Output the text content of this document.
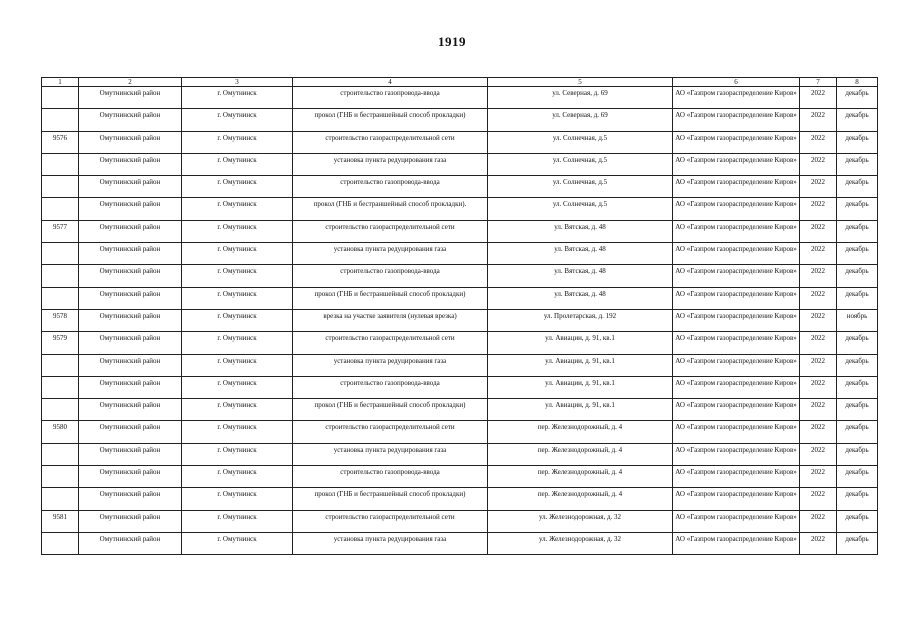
1919
1	2	3	4	5	6	7	8
	Омутнинский район	г. Омутнинск	строительство газопровода-ввода	ул. Северная, д. 69	АО «Газпром газораспределение Киров»	2022	декабрь
	Омутнинский район	г. Омутнинск	прокол (ГНБ и бестраншейный способ прокладки)	ул. Северная, д. 69	АО «Газпром газораспределение Киров»	2022	декабрь
9576	Омутнинский район	г. Омутнинск	строительство газораспределительной сети	ул. Солнечная, д.5	АО «Газпром газораспределение Киров»	2022	декабрь
	Омутнинский район	г. Омутнинск	установка пункта редуцирования газа	ул. Солнечная, д.5	АО «Газпром газораспределение Киров»	2022	декабрь
	Омутнинский район	г. Омутнинск	строительство газопровода-ввода	ул. Солнечная, д.5	АО «Газпром газораспределение Киров»	2022	декабрь
	Омутнинский район	г. Омутнинск	прокол (ГНБ и бестраншейный способ прокладки).	ул. Солнечная, д.5	АО «Газпром газораспределение Киров»	2022	декабрь
9577	Омутнинский район	г. Омутнинск	строительство газораспределительной сети	ул. Вятская, д. 48	АО «Газпром газораспределение Киров»	2022	декабрь
	Омутнинский район	г. Омутнинск	установка пункта редуцирования газа	ул. Вятская, д. 48	АО «Газпром газораспределение Киров»	2022	декабрь
	Омутнинский район	г. Омутнинск	строительство газопровода-ввода	ул. Вятская, д. 48	АО «Газпром газораспределение Киров»	2022	декабрь
	Омутнинский район	г. Омутнинск	прокол (ГНБ и бестраншейный способ прокладки)	ул. Вятская, д. 48	АО «Газпром газораспределение Киров»	2022	декабрь
9578	Омутнинский район	г. Омутнинск	врезка на участке заявителя (нулевая врезка)	ул. Пролетарская, д. 192	АО «Газпром газораспределение Киров»	2022	ноябрь
9579	Омутнинский район	г. Омутнинск	строительство газораспределительной сети	ул. Авиации, д. 91, кв.1	АО «Газпром газораспределение Киров»	2022	декабрь
	Омутнинский район	г. Омутнинск	установка пункта редуцирования газа	ул. Авиации, д. 91, кв.1	АО «Газпром газораспределение Киров»	2022	декабрь
	Омутнинский район	г. Омутнинск	строительство газопровода-ввода	ул. Авиации, д. 91, кв.1	АО «Газпром газораспределение Киров»	2022	декабрь
	Омутнинский район	г. Омутнинск	прокол (ГНБ и бестраншейный способ прокладки)	ул. Авиации, д. 91, кв.1	АО «Газпром газораспределение Киров»	2022	декабрь
9580	Омутнинский район	г. Омутнинск	строительство газораспределительной сети	пер. Железнодорожный, д. 4	АО «Газпром газораспределение Киров»	2022	декабрь
	Омутнинский район	г. Омутнинск	установка пункта редуцирования газа	пер. Железнодорожный, д. 4	АО «Газпром газораспределение Киров»	2022	декабрь
	Омутнинский район	г. Омутнинск	строительство газопровода-ввода	пер. Железнодорожный, д. 4	АО «Газпром газораспределение Киров»	2022	декабрь
	Омутнинский район	г. Омутнинск	прокол (ГНБ и бестраншейный способ прокладки)	пер. Железнодорожный, д. 4	АО «Газпром газораспределение Киров»	2022	декабрь
9581	Омутнинский район	г. Омутнинск	строительство газораспределительной сети	ул. Железнодорожная, д. 32	АО «Газпром газораспределение Киров»	2022	декабрь
	Омутнинский район	г. Омутнинск	установка пункта редуцирования газа	ул. Железнодорожная, д. 32	АО «Газпром газораспределение Киров»	2022	декабрь
